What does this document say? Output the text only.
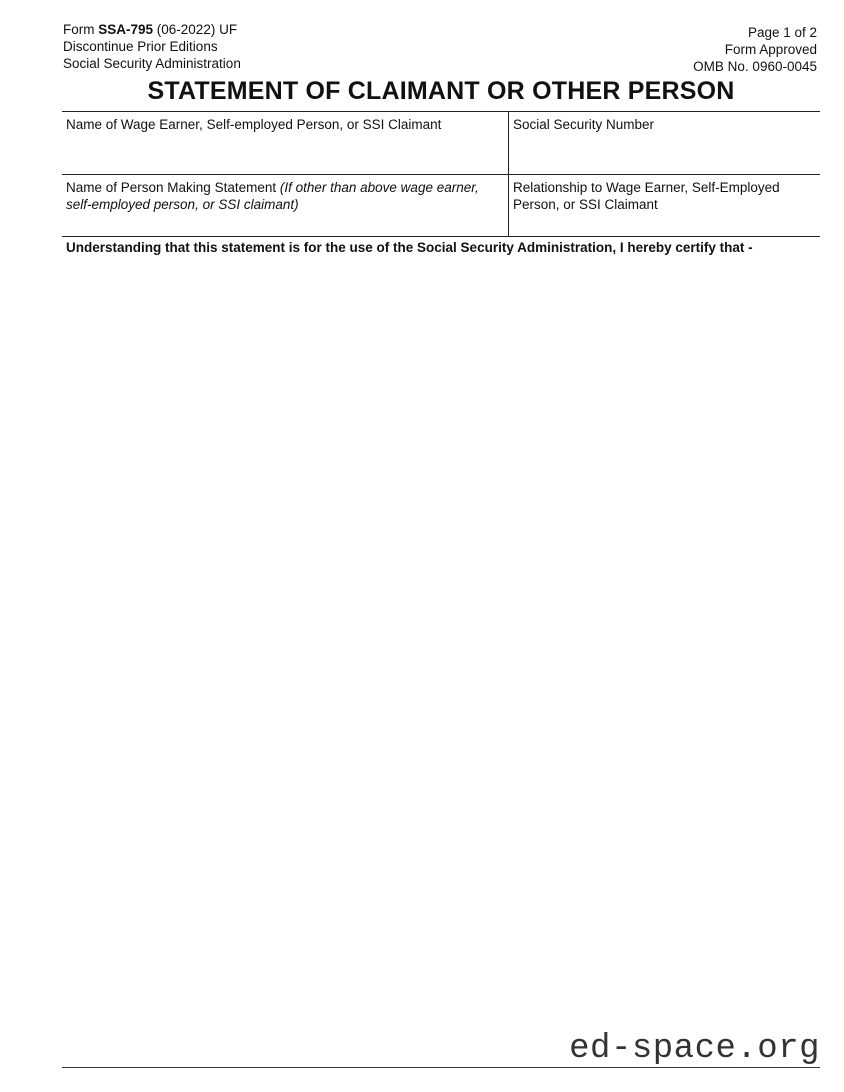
Form SSA-795 (06-2022) UF
Discontinue Prior Editions
Social Security Administration
Page 1 of 2
Form Approved
OMB No. 0960-0045
STATEMENT OF CLAIMANT OR OTHER PERSON
Name of Wage Earner, Self-employed Person, or SSI Claimant	Social Security Number
Name of Person Making Statement (If other than above wage earner, self-employed person, or SSI claimant)
Relationship to Wage Earner, Self-Employed Person, or SSI Claimant
Understanding that this statement is for the use of the Social Security Administration, I hereby certify that -
ed-space.org
